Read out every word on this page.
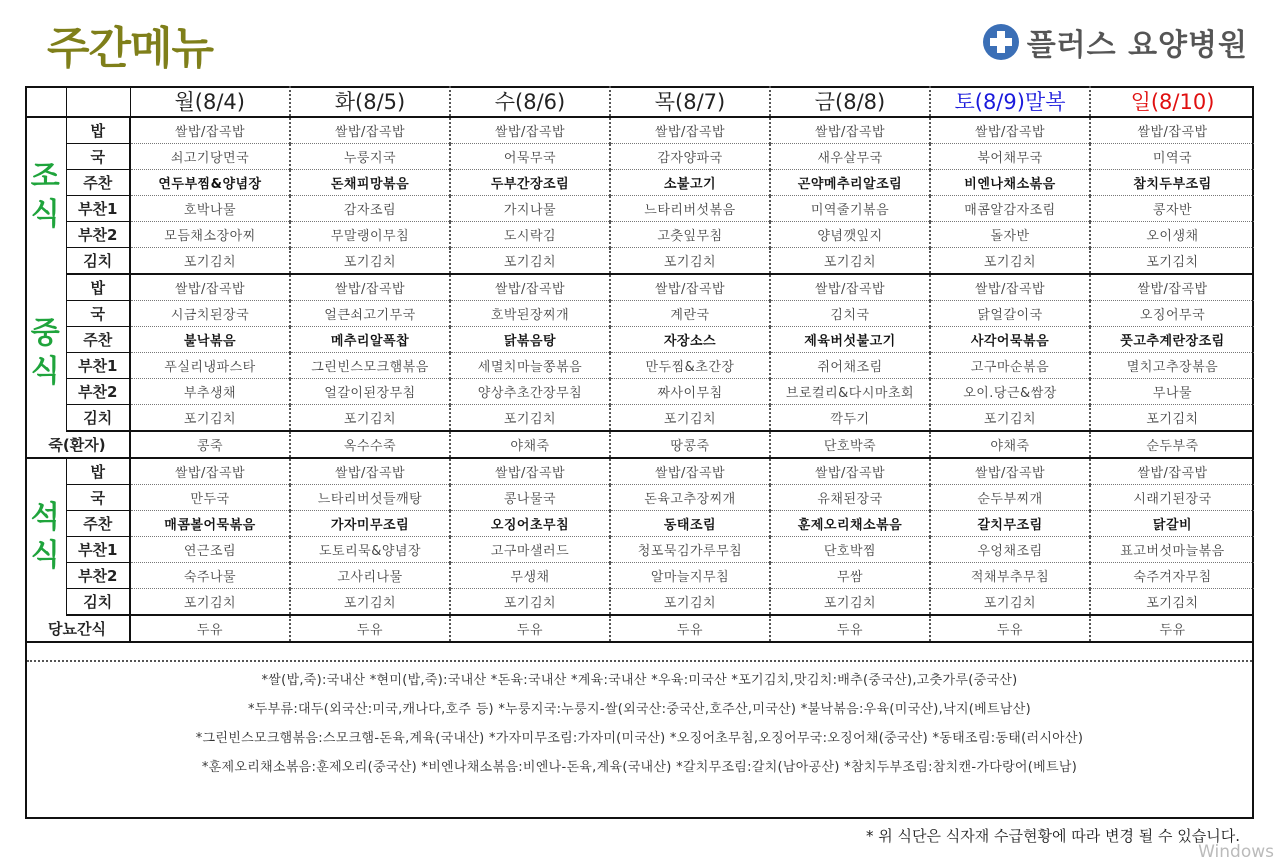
주간메뉴	플러스 요양병원
		월(8/4)	화(8/5)	수(8/6)	목(8/7)	금(8/8)	토(8/9)말복	일(8/10)

조
식	밥	쌀밥/잡곡밥	쌀밥/잡곡밥	쌀밥/잡곡밥	쌀밥/잡곡밥	쌀밥/잡곡밥	쌀밥/잡곡밥	쌀밥/잡곡밥
	국	쇠고기당면국	누룽지국	어묵무국	감자양파국	새우살무국	북어채무국	미역국
	주찬	연두부찜&양념장	돈채피망볶음	두부간장조림	소불고기	곤약메추리알조림	비엔나채소볶음	참치두부조림
	부찬1	호박나물	감자조림	가지나물	느타리버섯볶음	미역줄기볶음	매콤알감자조림	콩자반
	부찬2	모듬채소장아찌	무말랭이무침	도시락김	고춧잎무침	양념깻잎지	돌자반	오이생채
	김치	포기김치	포기김치	포기김치	포기김치	포기김치	포기김치	포기김치

중
식	밥	쌀밥/잡곡밥	쌀밥/잡곡밥	쌀밥/잡곡밥	쌀밥/잡곡밥	쌀밥/잡곡밥	쌀밥/잡곡밥	쌀밥/잡곡밥
	국	시금치된장국	얼큰쇠고기무국	호박된장찌개	계란국	김치국	닭얼갈이국	오징어무국
	주찬	불낙볶음	메추리알폭찹	닭볶음탕	자장소스	제육버섯불고기	사각어묵볶음	풋고추계란장조림
	부찬1	푸실리냉파스타	그린빈스모크햄볶음	세멸치마늘쫑볶음	만두찜&초간장	쥐어채조림	고구마순볶음	멸치고추장볶음
	부찬2	부추생채	얼갈이된장무침	양상추초간장무침	짜사이무침	브로컬리&다시마초회	오이.당근&쌈장	무나물
	김치	포기김치	포기김치	포기김치	포기김치	깍두기	포기김치	포기김치
죽(환자)		콩죽	옥수수죽	야채죽	땅콩죽	단호박죽	야채죽	순두부죽

석
식	밥	쌀밥/잡곡밥	쌀밥/잡곡밥	쌀밥/잡곡밥	쌀밥/잡곡밥	쌀밥/잡곡밥	쌀밥/잡곡밥	쌀밥/잡곡밥
	국	만두국	느타리버섯들깨탕	콩나물국	돈육고추장찌개	유채된장국	순두부찌개	시래기된장국
	주찬	매콤볼어묵볶음	가자미무조림	오징어초무침	동태조림	훈제오리채소볶음	갈치무조림	닭갈비
	부찬1	연근조림	도토리묵&양념장	고구마샐러드	청포묵김가루무침	단호박찜	우엉채조림	표고버섯마늘볶음
	부찬2	숙주나물	고사리나물	무생채	알마늘지무침	무쌈	적채부추무침	숙주겨자무침
	김치	포기김치	포기김치	포기김치	포기김치	포기김치	포기김치	포기김치
당뇨간식		두유	두유	두유	두유	두유	두유	두유
*쌀(밥,죽):국내산 *현미(밥,죽):국내산 *돈육:국내산 *계육:국내산 *우육:미국산 *포기김치,맛김치:배추(중국산),고춧가루(중국산)
*두부류:대두(외국산:미국,캐나다,호주 등) *누룽지국:누룽지-쌀(외국산:중국산,호주산,미국산) *불낙볶음:우육(미국산),낙지(베트남산)
*그린빈스모크햄볶음:스모크햄-돈육,계육(국내산) *가자미무조림:가자미(미국산) *오징어초무침,오징어무국:오징어채(중국산) *동태조림:동태(러시아산)
*훈제오리채소볶음:훈제오리(중국산) *비엔나채소볶음:비엔나-돈육,계육(국내산) *갈치무조림:갈치(남아공산) *참치두부조림:참치캔-가다랑어(베트남)
* 위 식단은 식자재 수급현황에 따라 변경 될 수 있습니다.
Windows
